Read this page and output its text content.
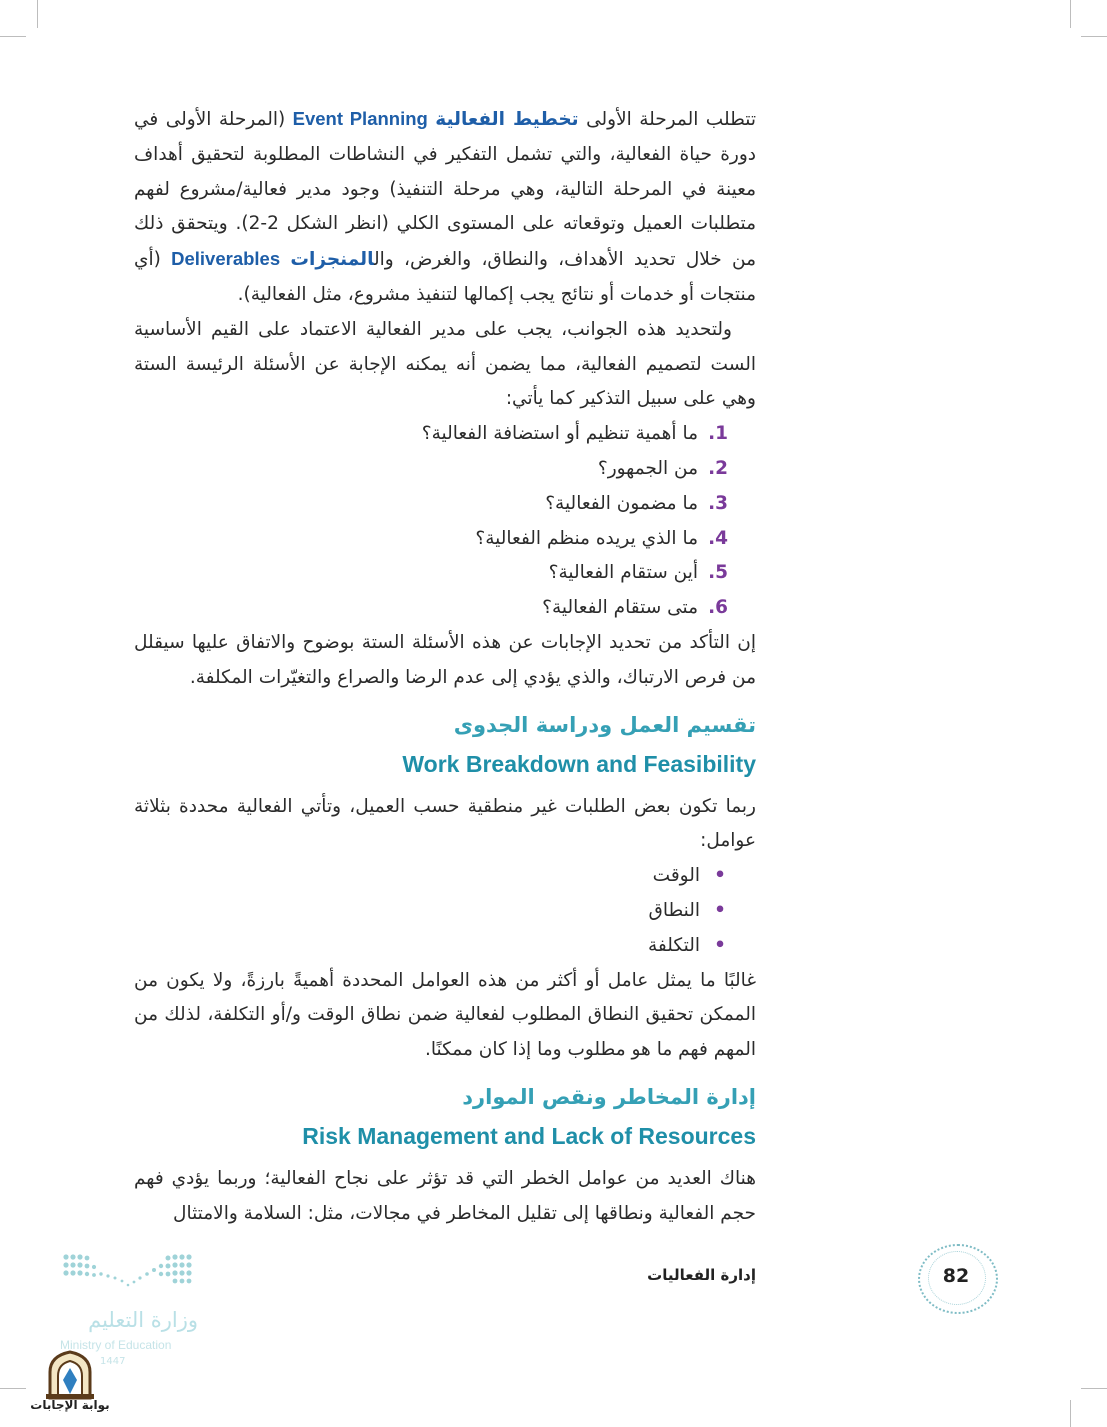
تتطلب المرحلة الأولى تخطيط الفعالية Event Planning (المرحلة الأولى في دورة حياة الفعالية، والتي تشمل التفكير في النشاطات المطلوبة لتحقيق أهداف معينة في المرحلة التالية، وهي مرحلة التنفيذ) وجود مدير فعالية/مشروع لفهم متطلبات العميل وتوقعاته على المستوى الكلي (انظر الشكل 2-2). ويتحقق ذلك من خلال تحديد الأهداف، والنطاق، والغرض، والالمنجزات Deliverables (أي منتجات أو خدمات أو نتائج يجب إكمالها لتنفيذ مشروع، مثل الفعالية).

ولتحديد هذه الجوانب، يجب على مدير الفعالية الاعتماد على القيم الأساسية الست لتصميم الفعالية، مما يضمن أنه يمكنه الإجابة عن الأسئلة الرئيسة الستة وهي على سبيل التذكير كما يأتي:

1.ما أهمية تنظيم أو استضافة الفعالية؟
2.من الجمهور؟
3.ما مضمون الفعالية؟
4.ما الذي يريده منظم الفعالية؟
5.أين ستقام الفعالية؟
6.متى ستقام الفعالية؟

إن التأكد من تحديد الإجابات عن هذه الأسئلة الستة بوضوح والاتفاق عليها سيقلل من فرص الارتباك، والذي يؤدي إلى عدم الرضا والصراع والتغيّرات المكلفة.

تقسيم العمل ودراسة الجدوى
Work Breakdown and Feasibility

ربما تكون بعض الطلبات غير منطقية حسب العميل، وتأتي الفعالية محددة بثلاثة عوامل:

•الوقت
•النطاق
•التكلفة

غالبًا ما يمثل عامل أو أكثر من هذه العوامل المحددة أهميةً بارزةً، ولا يكون من الممكن تحقيق النطاق المطلوب لفعالية ضمن نطاق الوقت و/أو التكلفة، لذلك من المهم فهم ما هو مطلوب وما إذا كان ممكنًا.

إدارة المخاطر ونقص الموارد
Risk Management and Lack of Resources

هناك العديد من عوامل الخطر التي قد تؤثر على نجاح الفعالية؛ وربما يؤدي فهم حجم الفعالية ونطاقها إلى تقليل المخاطر في مجالات، مثل: السلامة والامتثال

إدارة الفعاليات	82
وزارة التعليم
Ministry of Education
1447
بوابة الإجابات
